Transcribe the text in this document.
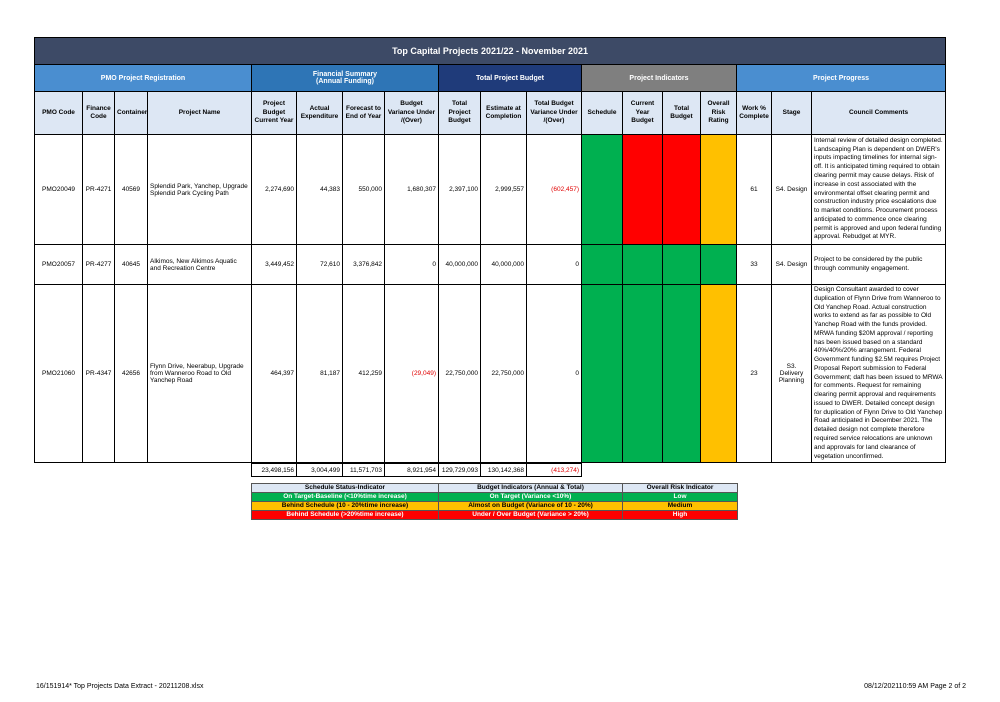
Top Capital Projects 2021/22 - November 2021																	
PMO Project Registration				Financial Summary
(Annual Funding)				Total Project Budget			Project Indicators				Project Progress		
PMO Code	Finance Code	Container	Project Name	Project Budget Current Year	Actual Expenditure	Forecast to End of Year	Budget Variance Under /(Over)	Total Project Budget	Estimate at Completion	Total Budget Variance Under /(Over)	Schedule	Current Year Budget	Total Budget	Overall Risk Rating	Work % Complete	Stage	Council Comments
PMO20049	PR-4271	40569	Splendid Park, Yanchep, Upgrade Splendid Park Cycling Path	2,274,690	44,383	550,000	1,680,307	2,397,100	2,999,557	(602,457)					61	S4. Design	Internal review of detailed design completed. Landscaping Plan is dependent on DWER's inputs impacting timelines for internal sign-off. It is anticipated timing required to obtain clearing permit may cause delays. Risk of increase in cost associated with the environmental offset clearing permit and construction industry price escalations due to market conditions. Procurement process anticipated to commence once clearing permit is approved and upon federal funding approval. Rebudget at MYR.
PMO20057	PR-4277	40645	Alkimos, New Alkimos Aquatic and Recreation Centre	3,449,452	72,610	3,376,842	0	40,000,000	40,000,000	0					33	S4. Design	Project to be considered by the public through community engagement.
PMO21060	PR-4347	42656	Flynn Drive, Neerabup, Upgrade from Wanneroo Road to Old Yanchep Road	464,397	81,187	412,259	(29,049)	22,750,000	22,750,000	0					23	S3. Delivery Planning	Design Consultant awarded to cover duplication of Flynn Drive from Wanneroo to Old Yanchep Road. Actual construction works to extend as far as possible to Old Yanchep Road with the funds provided. MRWA funding $20M approval / reporting has been issued based on a standard 40%/40%/20% arrangement. Federal Government funding $2.5M requires Project Proposal Report submission to Federal Government; daft has been issued to MRWA for comments. Request for remaining clearing permit approval and requirements issued to DWER. Detailed concept design for duplication of Flynn Drive to Old Yanchep Road anticipated in December 2021. The detailed design not complete therefore required service relocations are unknown and approvals for land clearance of vegetation unconfirmed.
23,498,156	3,004,499	11,571,703	8,921,954	129,729,093	130,142,368	(413,274)
Schedule Status-Indicator	Budget Indicators (Annual & Total)	Overall Risk Indicator
On Target-Baseline (<10%time increase)	On Target (Variance <10%)	Low
Behind Schedule (10 - 20%time increase)	Almost on Budget (Variance of 10 - 20%)	Medium
Behind Schedule (>20%time increase)	Under / Over Budget (Variance > 20%)	High
16/151914* Top Projects Data Extract - 20211208.xlsx	08/12/202110:59 AM Page 2 of 2
